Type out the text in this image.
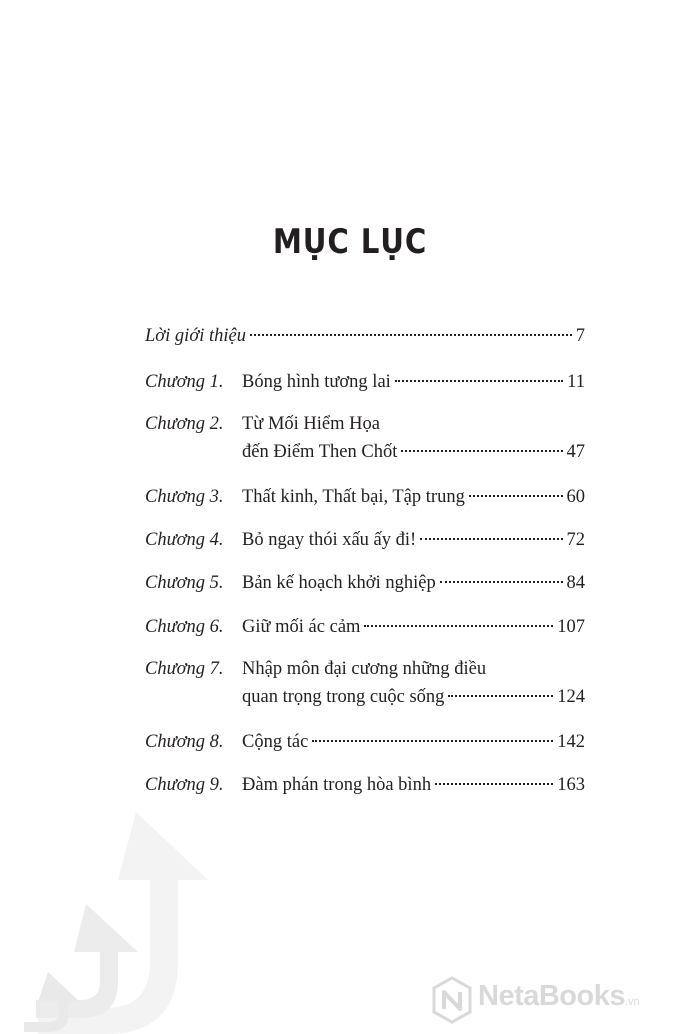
MỤC LỤC
Lời giới thiệu	7
Chương 1. Bóng hình tương lai	11
Chương 2. Từ Mối Hiểm Họa
đến Điểm Then Chốt	47
Chương 3. Thất kinh, Thất bại, Tập trung	60
Chương 4. Bỏ ngay thói xấu ấy đi!	72
Chương 5. Bản kế hoạch khởi nghiệp	84
Chương 6. Giữ mối ác cảm	107
Chương 7. Nhập môn đại cương những điều
quan trọng trong cuộc sống	124
Chương 8. Cộng tác	142
Chương 9. Đàm phán trong hòa bình	163
NetaBooks.vn
